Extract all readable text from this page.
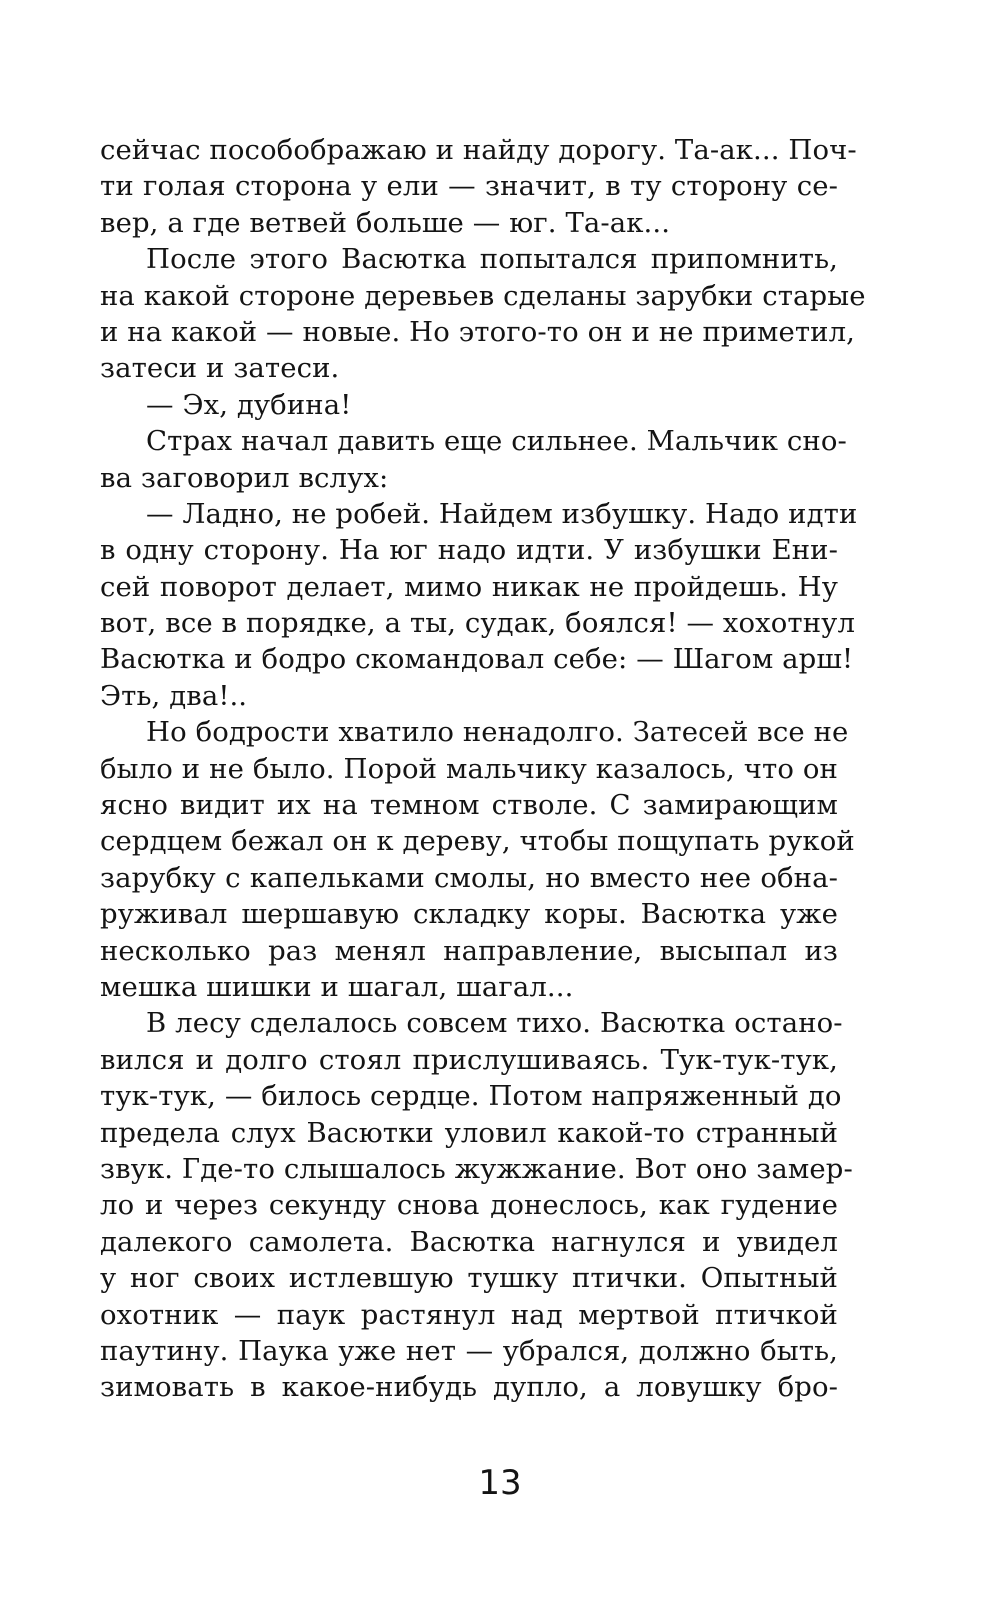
сейчас пособображаю и найду дорогу. Та-ак... Поч-
ти голая сторона у ели — значит, в ту сторону се-
вер, а где ветвей больше — юг. Та-ак...
После этого Васютка попытался припомнить,
на какой стороне деревьев сделаны зарубки старые
и на какой — новые. Но этого-то он и не приметил,
затеси и затеси.
— Эх, дубина!
Страх начал давить еще сильнее. Мальчик сно-
ва заговорил вслух:
— Ладно, не робей. Найдем избушку. Надо идти
в одну сторону. На юг надо идти. У избушки Ени-
сей поворот делает, мимо никак не пройдешь. Ну
вот, все в порядке, а ты, судак, боялся! — хохотнул
Васютка и бодро скомандовал себе: — Шагом арш!
Эть, два!..
Но бодрости хватило ненадолго. Затесей все не
было и не было. Порой мальчику казалось, что он
ясно видит их на темном стволе. С замирающим
сердцем бежал он к дереву, чтобы пощупать рукой
зарубку с капельками смолы, но вместо нее обна-
руживал шершавую складку коры. Васютка уже
несколько раз менял направление, высыпал из
мешка шишки и шагал, шагал...
В лесу сделалось совсем тихо. Васютка остано-
вился и долго стоял прислушиваясь. Тук-тук-тук,
тук-тук, — билось сердце. Потом напряженный до
предела слух Васютки уловил какой-то странный
звук. Где-то слышалось жужжание. Вот оно замер-
ло и через секунду снова донеслось, как гудение
далекого самолета. Васютка нагнулся и увидел
у ног своих истлевшую тушку птички. Опытный
охотник — паук растянул над мертвой птичкой
паутину. Паука уже нет — убрался, должно быть,
зимовать в какое-нибудь дупло, а ловушку бро-
13
